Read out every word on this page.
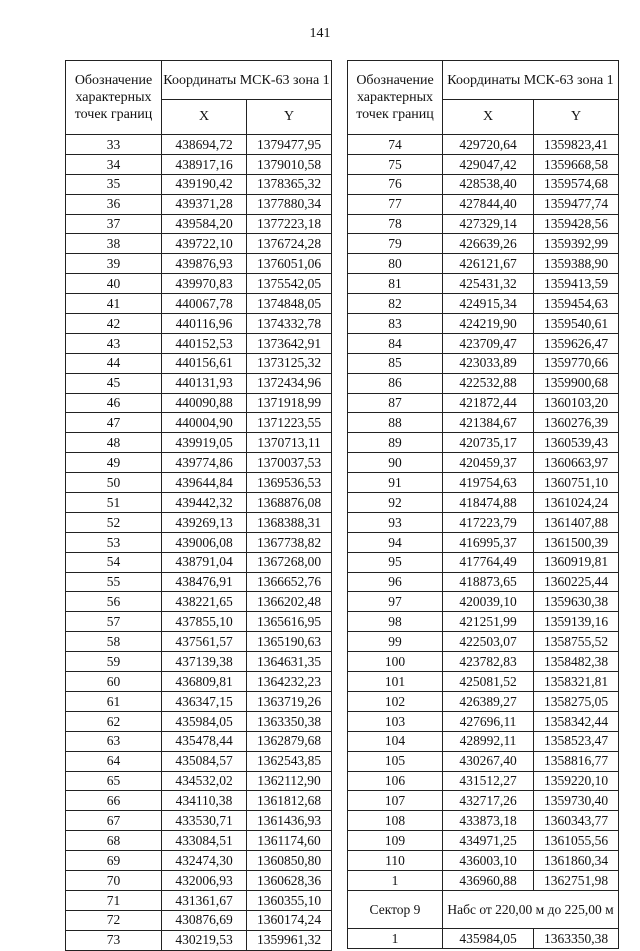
141
Обозначение характерных точек границ	Координаты МСК-63 зона 1	
	X	Y
33	438694,72	1379477,95
34	438917,16	1379010,58
35	439190,42	1378365,32
36	439371,28	1377880,34
37	439584,20	1377223,18
38	439722,10	1376724,28
39	439876,93	1376051,06
40	439970,83	1375542,05
41	440067,78	1374848,05
42	440116,96	1374332,78
43	440152,53	1373642,91
44	440156,61	1373125,32
45	440131,93	1372434,96
46	440090,88	1371918,99
47	440004,90	1371223,55
48	439919,05	1370713,11
49	439774,86	1370037,53
50	439644,84	1369536,53
51	439442,32	1368876,08
52	439269,13	1368388,31
53	439006,08	1367738,82
54	438791,04	1367268,00
55	438476,91	1366652,76
56	438221,65	1366202,48
57	437855,10	1365616,95
58	437561,57	1365190,63
59	437139,38	1364631,35
60	436809,81	1364232,23
61	436347,15	1363719,26
62	435984,05	1363350,38
63	435478,44	1362879,68
64	435084,57	1362543,85
65	434532,02	1362112,90
66	434110,38	1361812,68
67	433530,71	1361436,93
68	433084,51	1361174,60
69	432474,30	1360850,80
70	432006,93	1360628,36
71	431361,67	1360355,10
72	430876,69	1360174,24
73	430219,53	1359961,32
Обозначение характерных точек границ	Координаты МСК-63 зона 1	
	X	Y
74	429720,64	1359823,41
75	429047,42	1359668,58
76	428538,40	1359574,68
77	427844,40	1359477,74
78	427329,14	1359428,56
79	426639,26	1359392,99
80	426121,67	1359388,90
81	425431,32	1359413,59
82	424915,34	1359454,63
83	424219,90	1359540,61
84	423709,47	1359626,47
85	423033,89	1359770,66
86	422532,88	1359900,68
87	421872,44	1360103,20
88	421384,67	1360276,39
89	420735,17	1360539,43
90	420459,37	1360663,97
91	419754,63	1360751,10
92	418474,88	1361024,24
93	417223,79	1361407,88
94	416995,37	1361500,39
95	417764,49	1360919,81
96	418873,65	1360225,44
97	420039,10	1359630,38
98	421251,99	1359139,16
99	422503,07	1358755,52
100	423782,83	1358482,38
101	425081,52	1358321,81
102	426389,27	1358275,05
103	427696,11	1358342,44
104	428992,11	1358523,47
105	430267,40	1358816,77
106	431512,27	1359220,10
107	432717,26	1359730,40
108	433873,18	1360343,77
109	434971,25	1361055,56
110	436003,10	1361860,34
1	436960,88	1362751,98
Сектор 9	Набс от 220,00 м до 225,00 м	
1	435984,05	1363350,38
